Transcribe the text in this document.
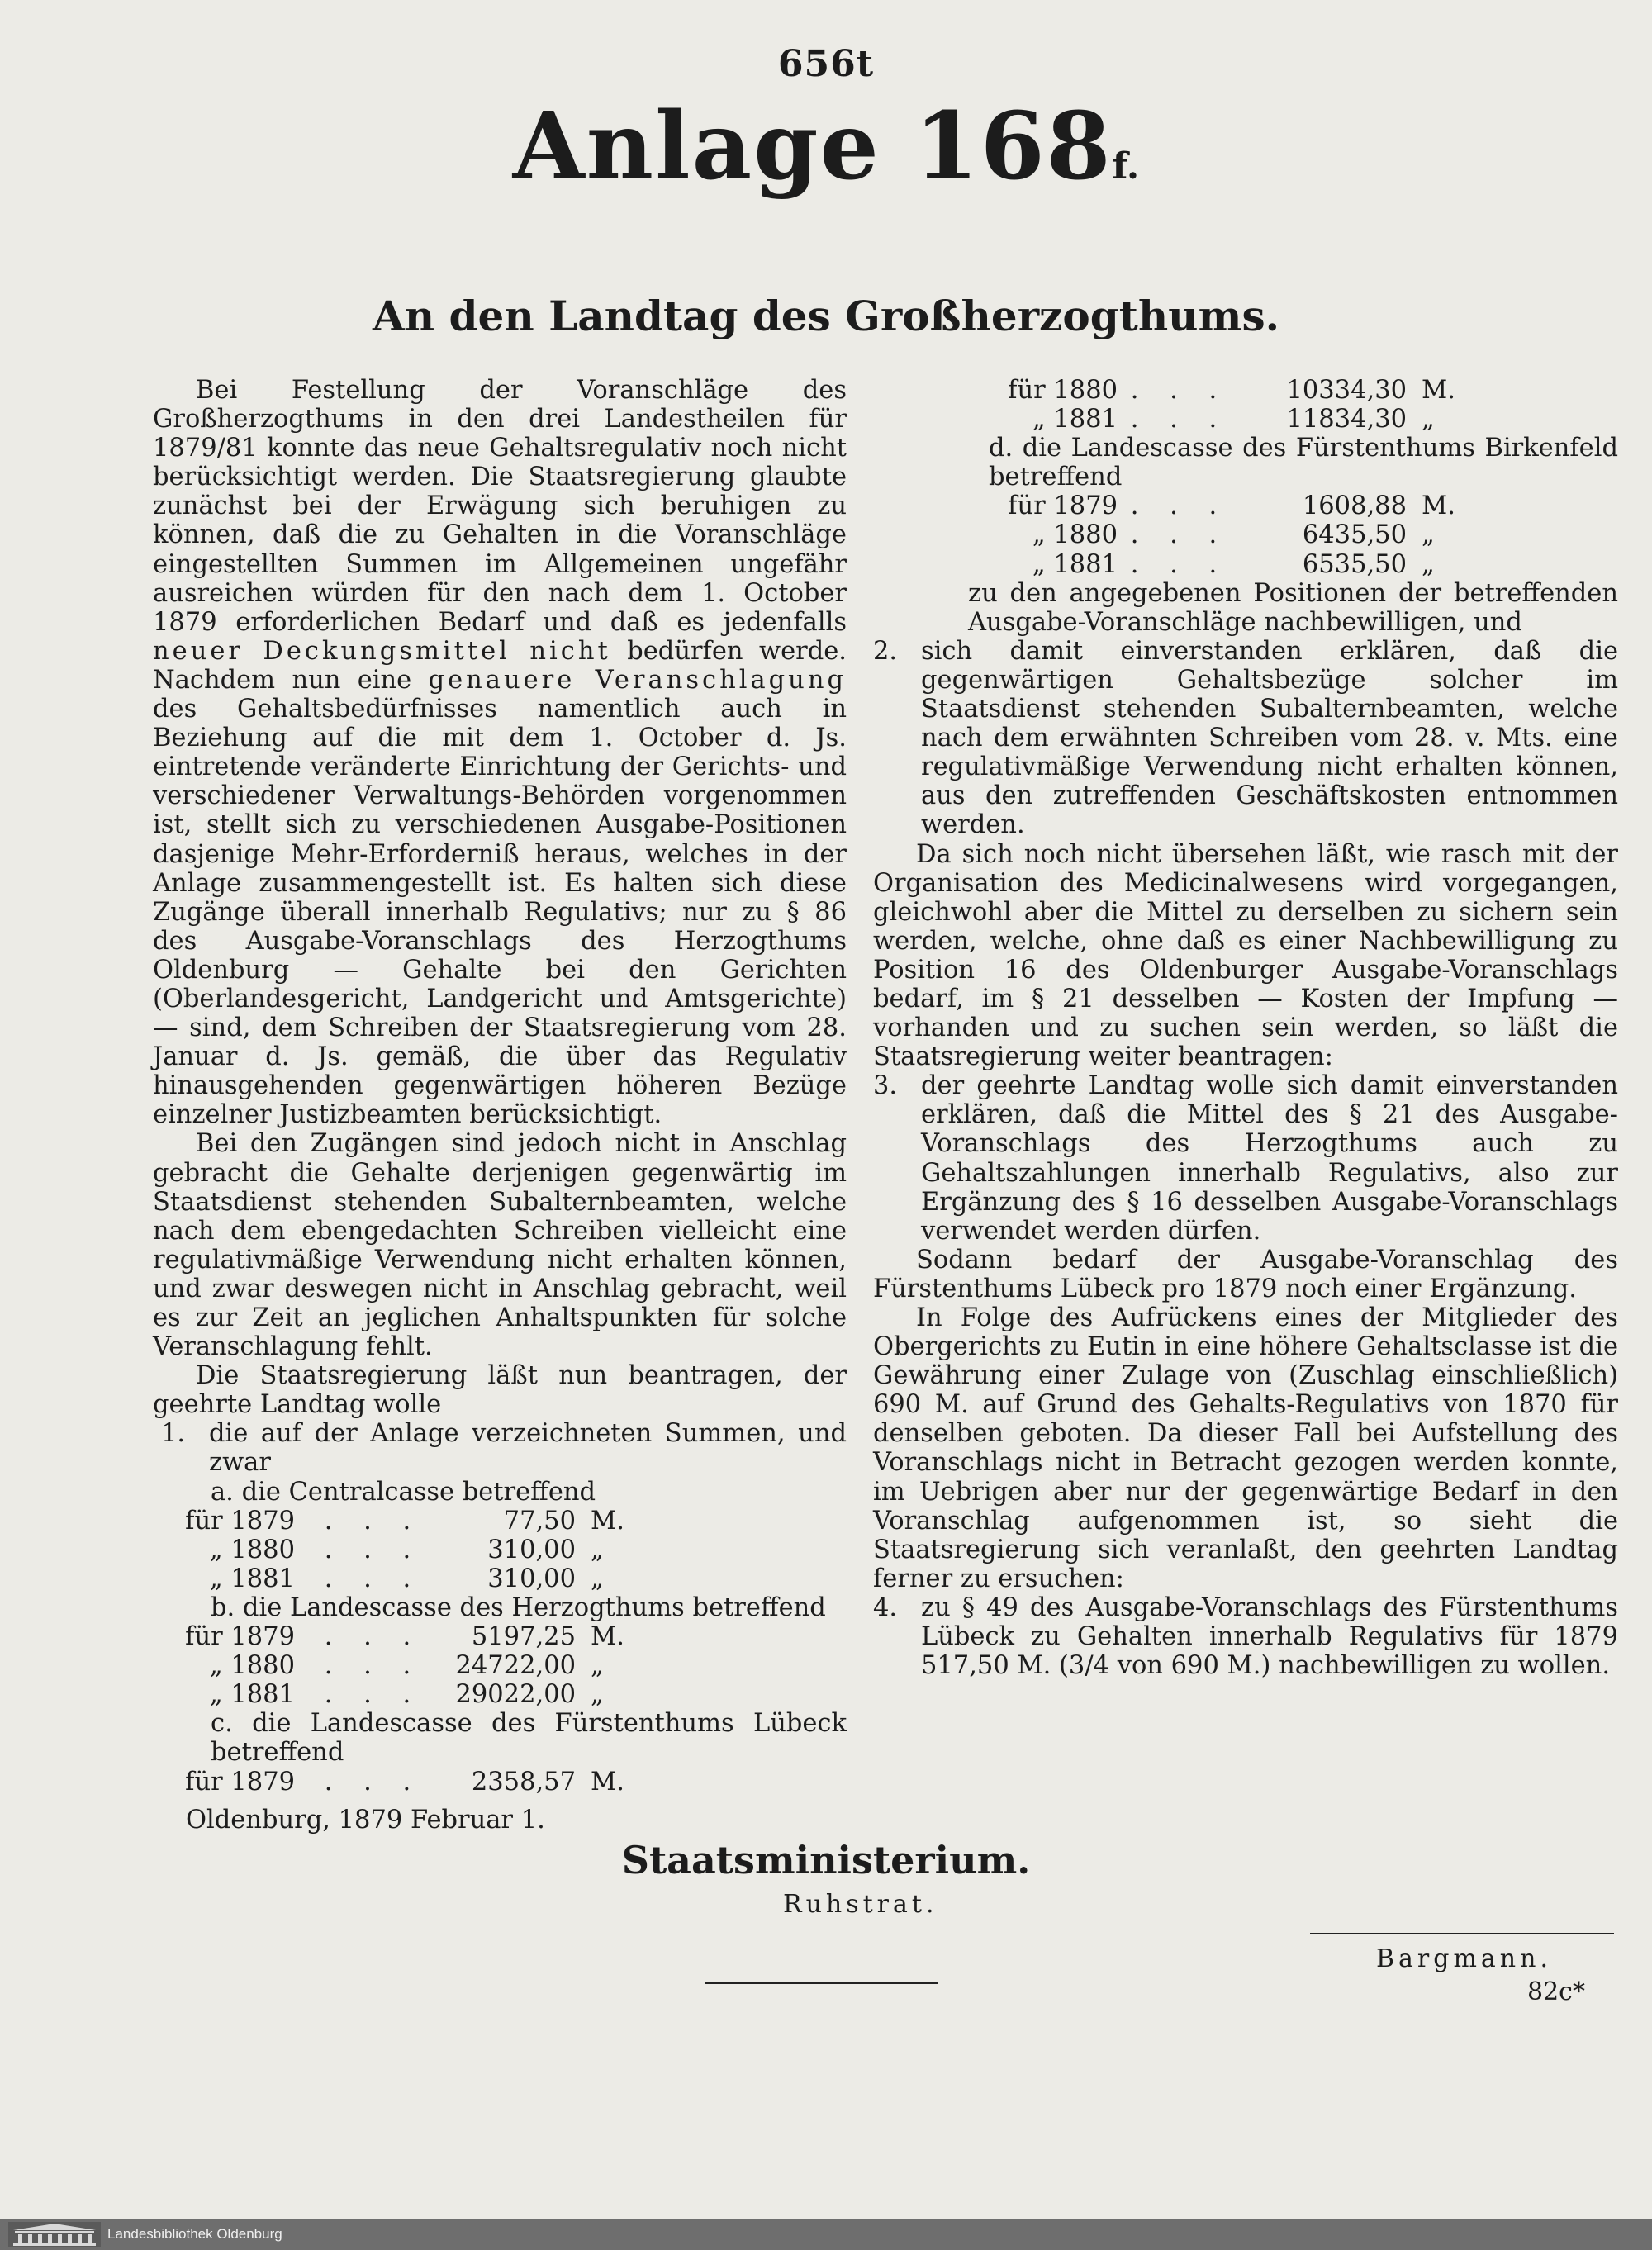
656t
Anlage 168f.
An den Landtag des Großherzogthums.

Bei Festellung der Voranschläge des Großherzogthums in den drei Landestheilen für 1879/81 konnte das neue Gehaltsregulativ noch nicht berücksichtigt werden. Die Staatsregierung glaubte zunächst bei der Erwägung sich beruhigen zu können, daß die zu Gehalten in die Voranschläge eingestellten Summen im Allgemeinen ungefähr ausreichen würden für den nach dem 1. October 1879 erforderlichen Bedarf und daß es jedenfalls neuer Deckungsmittel nicht bedürfen werde. Nachdem nun eine genauere Veranschlagung des Gehaltsbedürfnisses namentlich auch in Beziehung auf die mit dem 1. October d. Js. eintretende veränderte Einrichtung der Gerichts- und verschiedener Verwaltungs-Behörden vorgenommen ist, stellt sich zu verschiedenen Ausgabe-Positionen dasjenige Mehr-Erforderniß heraus, welches in der Anlage zusammengestellt ist. Es halten sich diese Zugänge überall innerhalb Regulativs; nur zu § 86 des Ausgabe-Voranschlags des Herzogthums Oldenburg — Gehalte bei den Gerichten (Oberlandesgericht, Landgericht und Amtsgerichte) — sind, dem Schreiben der Staatsregierung vom 28. Januar d. Js. gemäß, die über das Regulativ hinausgehenden gegenwärtigen höheren Bezüge einzelner Justizbeamten berücksichtigt.

Bei den Zugängen sind jedoch nicht in Anschlag gebracht die Gehalte derjenigen gegenwärtig im Staatsdienst stehenden Subalternbeamten, welche nach dem ebengedachten Schreiben vielleicht eine regulativmäßige Verwendung nicht erhalten können, und zwar deswegen nicht in Anschlag gebracht, weil es zur Zeit an jeglichen Anhaltspunkten für solche Veranschlagung fehlt.

Die Staatsregierung läßt nun beantragen, der geehrte Landtag wolle

1. die auf der Anlage verzeichneten Summen, und zwar
a. die Centralcasse betreffend
für 1879	. . .	77,50 M.
„ 1880	. . .	310,00 „
„ 1881	. . .	310,00 „
b. die Landescasse des Herzogthums betreffend
für 1879	. . .	5197,25 M.
„ 1880	. . .	24722,00 „
„ 1881	. . .	29022,00 „
c. die Landescasse des Fürstenthums Lübeck betreffend
für 1879	. . .	2358,57 M.
für 1880 . . .	10334,30 M.
„ 1881 . . .	11834,30 „
d. die Landescasse des Fürstenthums Birkenfeld betreffend
für 1879 . . .	1608,88 M.
„ 1880 . . .	6435,50 „
„ 1881 . . .	6535,50 „

zu den angegebenen Positionen der betreffenden Ausgabe-Voranschläge nachbewilligen, und

2. sich damit einverstanden erklären, daß die gegenwärtigen Gehaltsbezüge solcher im Staatsdienst stehenden Subalternbeamten, welche nach dem erwähnten Schreiben vom 28. v. Mts. eine regulativmäßige Verwendung nicht erhalten können, aus den zutreffenden Geschäftskosten entnommen werden.

Da sich noch nicht übersehen läßt, wie rasch mit der Organisation des Medicinalwesens wird vorgegangen, gleichwohl aber die Mittel zu derselben zu sichern sein werden, welche, ohne daß es einer Nachbewilligung zu Position 16 des Oldenburger Ausgabe-Voranschlags bedarf, im § 21 desselben — Kosten der Impfung — vorhanden und zu suchen sein werden, so läßt die Staatsregierung weiter beantragen:

3. der geehrte Landtag wolle sich damit einverstanden erklären, daß die Mittel des § 21 des Ausgabe-Voranschlags des Herzogthums auch zu Gehaltszahlungen innerhalb Regulativs, also zur Ergänzung des § 16 desselben Ausgabe-Voranschlags verwendet werden dürfen.

Sodann bedarf der Ausgabe-Voranschlag des Fürstenthums Lübeck pro 1879 noch einer Ergänzung.

In Folge des Aufrückens eines der Mitglieder des Obergerichts zu Eutin in eine höhere Gehaltsclasse ist die Gewährung einer Zulage von (Zuschlag einschließlich) 690 M. auf Grund des Gehalts-Regulativs von 1870 für denselben geboten. Da dieser Fall bei Aufstellung des Voranschlags nicht in Betracht gezogen werden konnte, im Uebrigen aber nur der gegenwärtige Bedarf in den Voranschlag aufgenommen ist, so sieht die Staatsregierung sich veranlaßt, den geehrten Landtag ferner zu ersuchen:

4. zu § 49 des Ausgabe-Voranschlags des Fürstenthums Lübeck zu Gehalten innerhalb Regulativs für 1879 517,50 M. (3/4 von 690 M.) nachbewilligen zu wollen.
Oldenburg, 1879 Februar 1.
Staatsministerium.
Ruhstrat.
Bargmann.
82c*
Landesbibliothek Oldenburg
